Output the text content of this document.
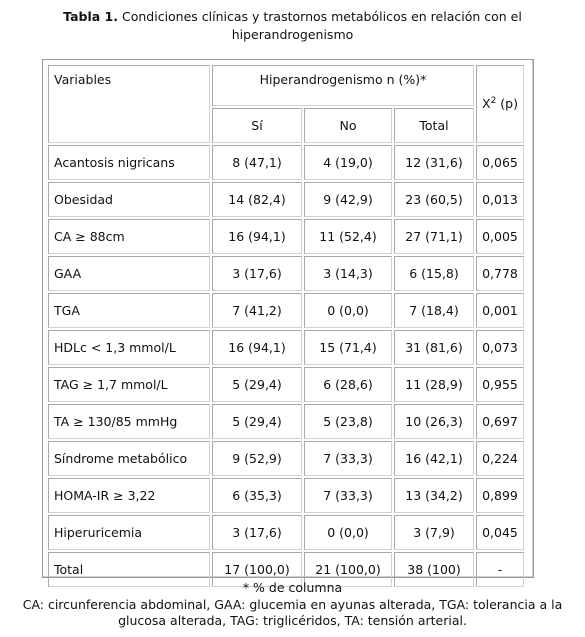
Tabla 1. Condiciones clínicas y trastornos metabólicos en relación con el hiperandrogenismo
Variables	Hiperandrogenismo n (%)*			$X^2$ (p)
	Sí	No	Total	
Acantosis nigricans	8 (47,1)	4 (19,0)	12 (31,6)	0,065
Obesidad	14 (82,4)	9 (42,9)	23 (60,5)	0,013
CA ≥ 88cm	16 (94,1)	11 (52,4)	27 (71,1)	0,005
GAA	3 (17,6)	3 (14,3)	6 (15,8)	0,778
TGA	7 (41,2)	0 (0,0)	7 (18,4)	0,001
HDLc < 1,3 mmol/L	16 (94,1)	15 (71,4)	31 (81,6)	0,073
TAG ≥ 1,7 mmol/L	5 (29,4)	6 (28,6)	11 (28,9)	0,955
TA ≥ 130/85 mmHg	5 (29,4)	5 (23,8)	10 (26,3)	0,697
Síndrome metabólico	9 (52,9)	7 (33,3)	16 (42,1)	0,224
HOMA-IR ≥ 3,22	6 (35,3)	7 (33,3)	13 (34,2)	0,899
Hiperuricemia	3 (17,6)	0 (0,0)	3 (7,9)	0,045
Total	17 (100,0)	21 (100,0)	38 (100)	-
* % de columna
CA: circunferencia abdominal, GAA: glucemia en ayunas alterada, TGA: tolerancia a la glucosa alterada, TAG: triglicéridos, TA: tensión arterial.
